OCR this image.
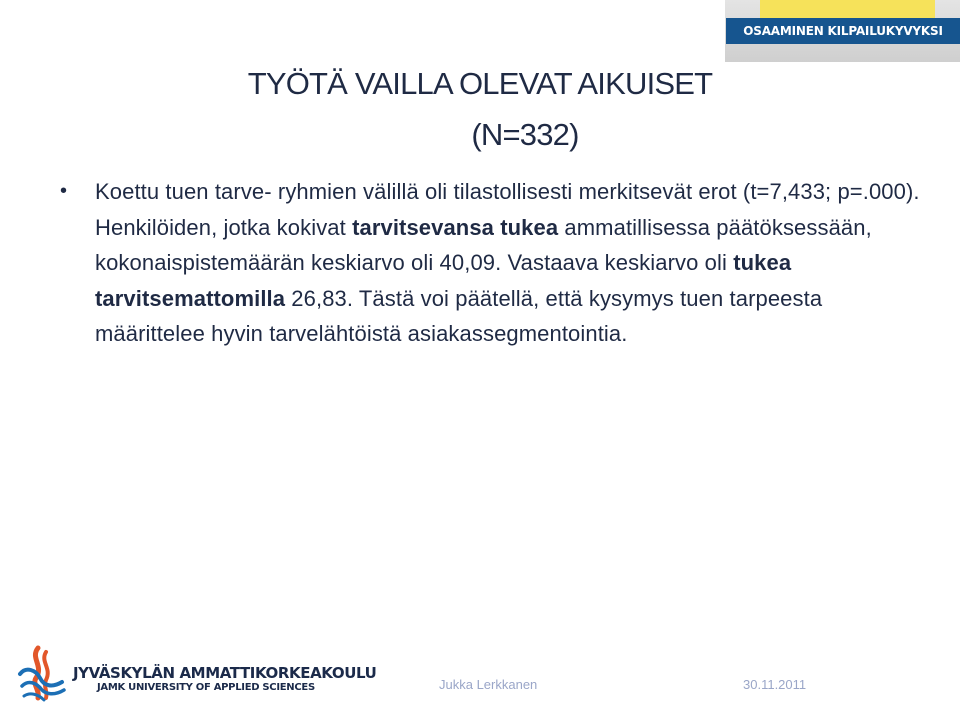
OSAAMINEN KILPAILUKYVYKSI
TYÖTÄ VAILLA OLEVAT AIKUISET
(N=332)
• Koettu tuen tarve- ryhmien välillä oli tilastollisesti merkitsevät erot (t=7,433; p=.000). Henkilöiden, jotka kokivat tarvitsevansa tukea ammatillisessa päätöksessään, kokonaispistemäärän keskiarvo oli 40,09. Vastaava keskiarvo oli tukea tarvitsemattomilla 26,83. Tästä voi päätellä, että kysymys tuen tarpeesta määrittelee hyvin tarvelähtöistä asiakassegmentointia.
JYVÄSKYLÄN AMMATTIKORKEAKOULU
JAMK UNIVERSITY OF APPLIED SCIENCES	Jukka Lerkkanen	30.11.2011
